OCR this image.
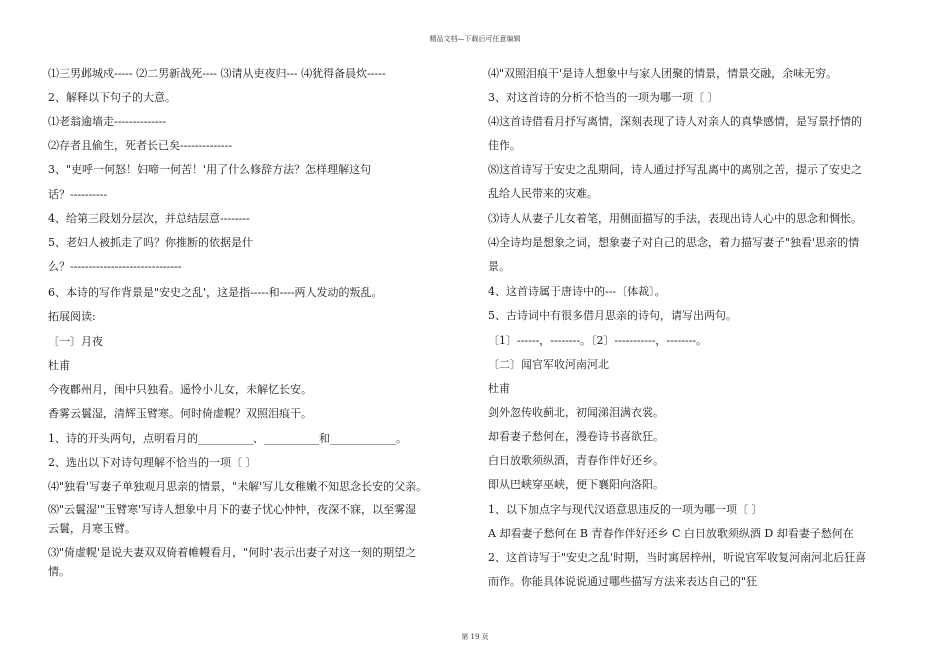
精品文档—下载后可任意编辑

⑴三男邺城戍----- ⑵二男新战死---- ⑶请从吏夜归--- ⑷犹得备晨炊-----

2、解释以下句子的大意。

⑴老翁逾墙走--------------

⑵存者且偷生，死者长已矣--------------

3、"吏呼一何怒！妇啼一何苦！'用了什么修辞方法？怎样理解这句

话？----------

4、给第三段划分层次，并总结层意--------

5、老妇人被抓走了吗？你推断的依据是什

么？------------------------------

6、本诗的写作背景是"安史之乱'，这是指-----和----两人发动的叛乱。

拓展阅读:

〔一〕月夜

杜甫

今夜鄜州月，闺中只独看。遥怜小儿女，未解忆长安。

香雾云鬟湿，清辉玉臂寒。何时倚虚幌？双照泪痕干。

1、诗的开头两句，点明看月的__________、__________和____________。

2、选出以下对诗句理解不恰当的一项〔 〕

⑷"独看'写妻子单独观月思亲的情景，"未解'写儿女稚嫩不知思念长安的父亲。

⑻"云鬟湿'"玉臂寒'写诗人想象中月下的妻子忧心忡忡，夜深不寐，以至雾湿

云鬟，月寒玉臂。

⑶"倚虚幌'是说夫妻双双倚着帷幔看月，"何时'表示出妻子对这一刻的期望之

情。

⑷"双照泪痕干'是诗人想象中与家人团聚的情景，情景交融，余味无穷。

3、对这首诗的分析不恰当的一项为哪一项〔 〕

⑷这首诗借看月抒写离情，深刻表现了诗人对亲人的真挚感情，是写景抒情的

佳作。

⑻这首诗写于安史之乱期间，诗人通过抒写乱离中的离别之苦，提示了安史之

乱给人民带来的灾难。

⑶诗人从妻子儿女着笔，用侧面描写的手法，表现出诗人心中的思念和惆怅。

⑷全诗均是想象之词，想象妻子对自己的思念，着力描写妻子"独看'思亲的情

景。

4、这首诗属于唐诗中的---〔体裁〕。

5、古诗词中有很多借月思亲的诗句，请写出两句。

〔1〕------，--------。〔2〕-----------，--------。

〔二〕闻官军收河南河北

杜甫

剑外忽传收蓟北，初闻涕泪满衣裳。

却看妻子愁何在，漫卷诗书喜欲狂。

白日放歌须纵酒，青春作伴好还乡。

即从巴峡穿巫峡，便下襄阳向洛阳。

1、以下加点字与现代汉语意思违反的一项为哪一项〔 〕

A 却看妻子愁何在 B 青春作伴好还乡 C 白日放歌须纵酒 D 却看妻子愁何在

2、这首诗写于"安史之乱'时期，当时寓居梓州，听说官军收复河南河北后狂喜

而作。你能具体说说通过哪些描写方法来表达自己的"狂

第 19 页
